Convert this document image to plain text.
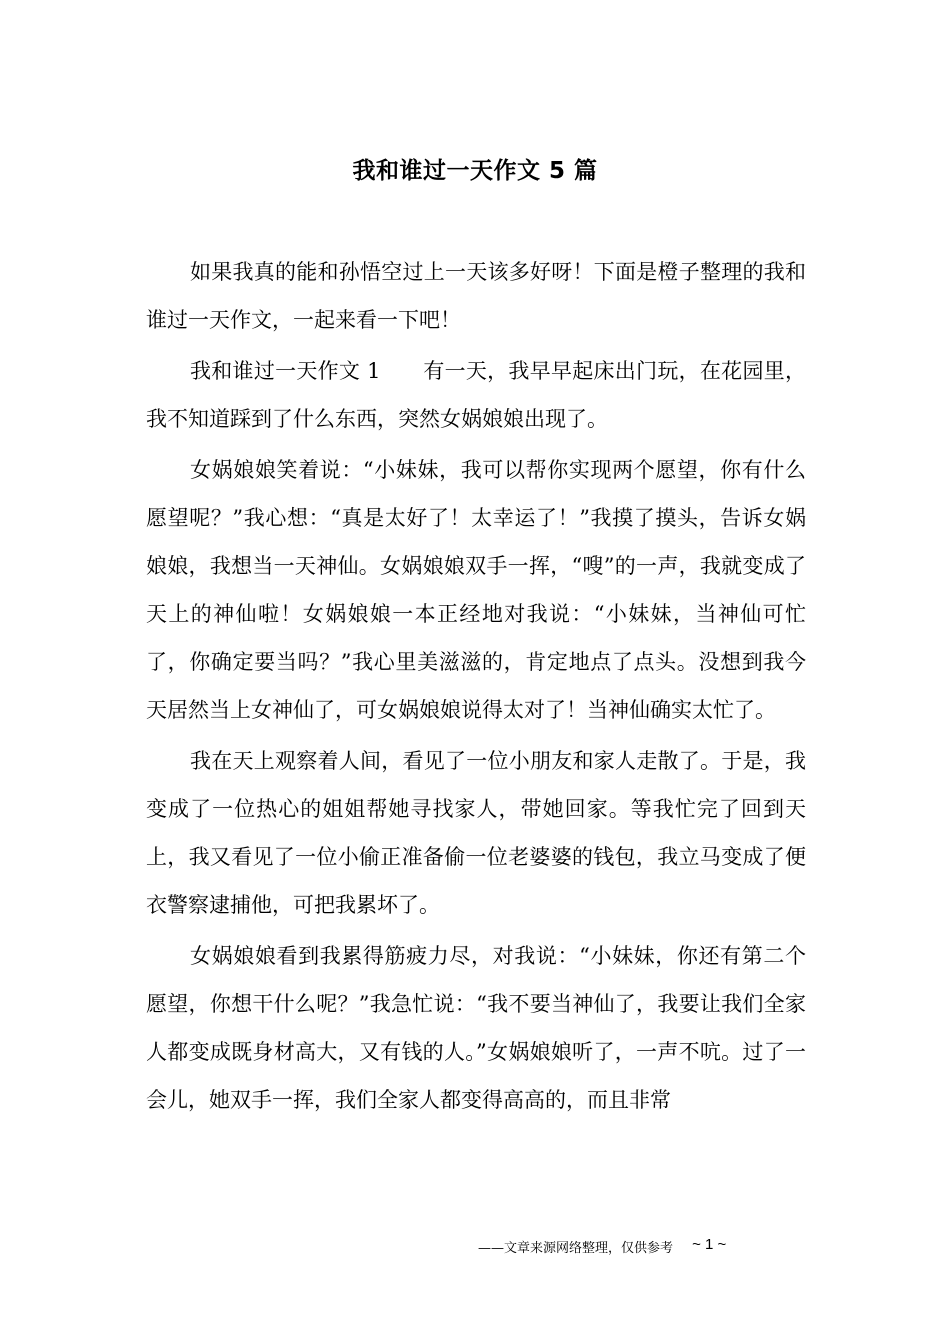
我和谁过一天作文 5 篇

如果我真的能和孙悟空过上一天该多好呀！下面是橙子整理的我和谁过一天作文，一起来看一下吧！

我和谁过一天作文 1　　有一天，我早早起床出门玩，在花园里，我不知道踩到了什么东西，突然女娲娘娘出现了。

女娲娘娘笑着说：“小妹妹，我可以帮你实现两个愿望，你有什么愿望呢？”我心想：“真是太好了！太幸运了！”我摸了摸头，告诉女娲娘娘，我想当一天神仙。女娲娘娘双手一挥，“嗖”的一声，我就变成了天上的神仙啦！女娲娘娘一本正经地对我说：“小妹妹，当神仙可忙了，你确定要当吗？”我心里美滋滋的，肯定地点了点头。没想到我今天居然当上女神仙了，可女娲娘娘说得太对了！当神仙确实太忙了。

我在天上观察着人间，看见了一位小朋友和家人走散了。于是，我变成了一位热心的姐姐帮她寻找家人，带她回家。等我忙完了回到天上，我又看见了一位小偷正准备偷一位老婆婆的钱包，我立马变成了便衣警察逮捕他，可把我累坏了。

女娲娘娘看到我累得筋疲力尽，对我说：“小妹妹，你还有第二个愿望，你想干什么呢？”我急忙说：“我不要当神仙了，我要让我们全家人都变成既身材高大，又有钱的人。”女娲娘娘听了，一声不吭。过了一会儿，她双手一挥，我们全家人都变得高高的，而且非常

——文章来源网络整理，仅供参考 ~ 1 ~
